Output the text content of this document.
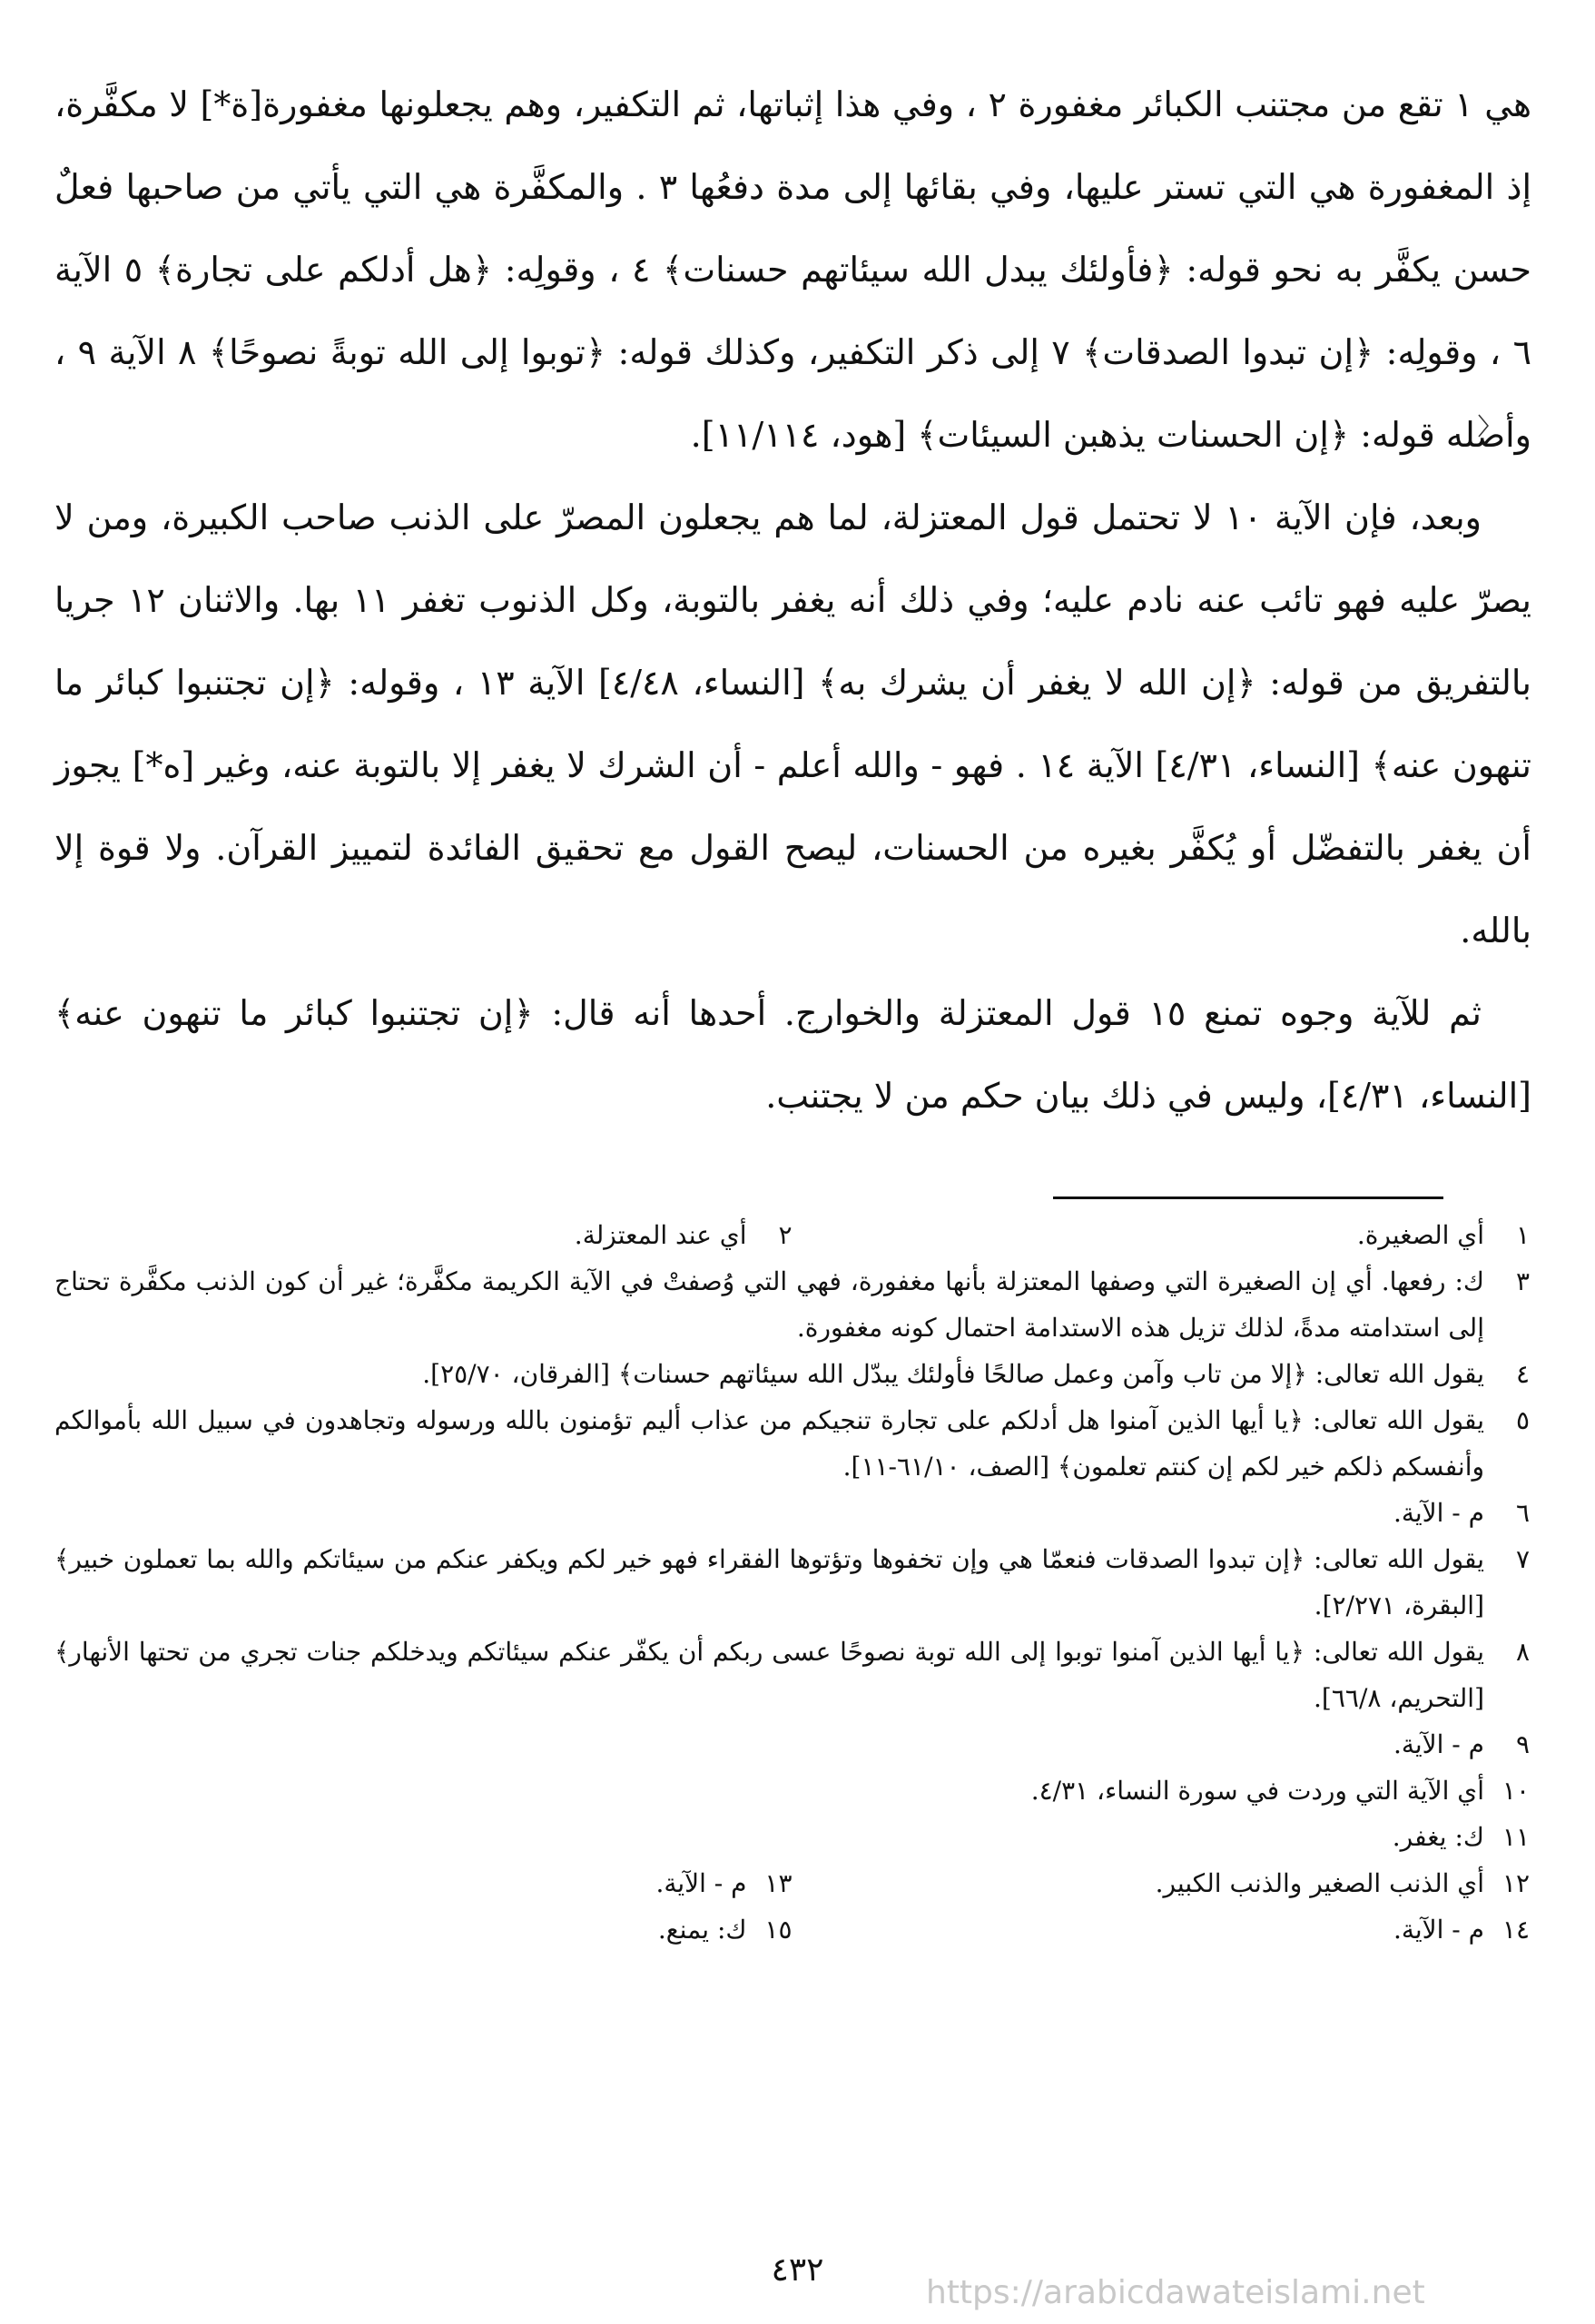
هي ١ تقع من مجتنب الكبائر مغفورة ٢ ، وفي هذا إثباتها، ثم التكفير، وهم يجعلونها مغفورة[ة*] لا مكفَّرة، إذ المغفورة هي التي تستر عليها، وفي بقائها إلى مدة دفعُها ٣ . والمكفَّرة هي التي يأتي من صاحبها فعلٌ حسن يكفَّر به نحو قوله: ﴿فأولئك يبدل الله سيئاتهم حسنات﴾ ٤ ، وقولِه: ﴿هل أدلكم على تجارة﴾ ٥ الآية ٦ ، وقولِه: ﴿إن تبدوا الصدقات﴾ ٧ إلى ذكر التكفير، وكذلك قوله: ﴿توبوا إلى الله توبةً نصوحًا﴾ ٨ الآية ٩ ، وأصله قوله: ﴿إن الحسنات يذهبن السيئات﴾ [هود، ١١/١١٤].

وبعد، فإن الآية ١٠ لا تحتمل قول المعتزلة، لما هم يجعلون المصرّ على الذنب صاحب الكبيرة، ومن لا يصرّ عليه فهو تائب عنه نادم عليه؛ وفي ذلك أنه يغفر بالتوبة، وكل الذنوب تغفر ١١ بها. والاثنان ١٢ جريا بالتفريق من قوله: ﴿إن الله لا يغفر أن يشرك به﴾ [النساء، ٤/٤٨] الآية ١٣ ، وقوله: ﴿إن تجتنبوا كبائر ما تنهون عنه﴾ [النساء، ٤/٣١] الآية ١٤ . فهو - والله أعلم - أن الشرك لا يغفر إلا بالتوبة عنه، وغير [ه*] يجوز أن يغفر بالتفضّل أو يُكفَّر بغيره من الحسنات، ليصح القول مع تحقيق الفائدة لتمييز القرآن. ولا قوة إلا بالله.

ثم للآية وجوه تمنع ١٥ قول المعتزلة والخوارج. أحدها أنه قال: ﴿إن تجتنبوا كبائر ما تنهون عنه﴾ [النساء، ٤/٣١]، وليس في ذلك بيان حكم من لا يجتنب.

١
أي الصغيرة.
٢
أي عند المعتزلة.
٣
ك: رفعها. أي إن الصغيرة التي وصفها المعتزلة بأنها مغفورة، فهي التي وُصفتْ في الآية الكريمة مكفَّرة؛ غير أن كون الذنب مكفَّرة تحتاج إلى استدامته مدةً، لذلك تزيل هذه الاستدامة احتمال كونه مغفورة.
٤
يقول الله تعالى: ﴿إلا من تاب وآمن وعمل صالحًا فأولئك يبدّل الله سيئاتهم حسنات﴾ [الفرقان، ٢٥/٧٠].
٥
يقول الله تعالى: ﴿يا أيها الذين آمنوا هل أدلكم على تجارة تنجيكم من عذاب أليم تؤمنون بالله ورسوله وتجاهدون في سبيل الله بأموالكم وأنفسكم ذلكم خير لكم إن كنتم تعلمون﴾ [الصف، ٦١/١٠-١١].
٦
م - الآية.
٧
يقول الله تعالى: ﴿إن تبدوا الصدقات فنعمّا هي وإن تخفوها وتؤتوها الفقراء فهو خير لكم ويكفر عنكم من سيئاتكم والله بما تعملون خبير﴾ [البقرة، ٢/٢٧١].
٨
يقول الله تعالى: ﴿يا أيها الذين آمنوا توبوا إلى الله توبة نصوحًا عسى ربكم أن يكفّر عنكم سيئاتكم ويدخلكم جنات تجري من تحتها الأنهار﴾ [التحريم، ٦٦/٨].
٩
م - الآية.
١٠
أي الآية التي وردت في سورة النساء، ٤/٣١.
١١
ك: يغفر.
١٢
أي الذنب الصغير والذنب الكبير.
١٣
م - الآية.
١٤
م - الآية.
١٥
ك: يمنع.
٤٣٢
https://arabicdawateislami.net
